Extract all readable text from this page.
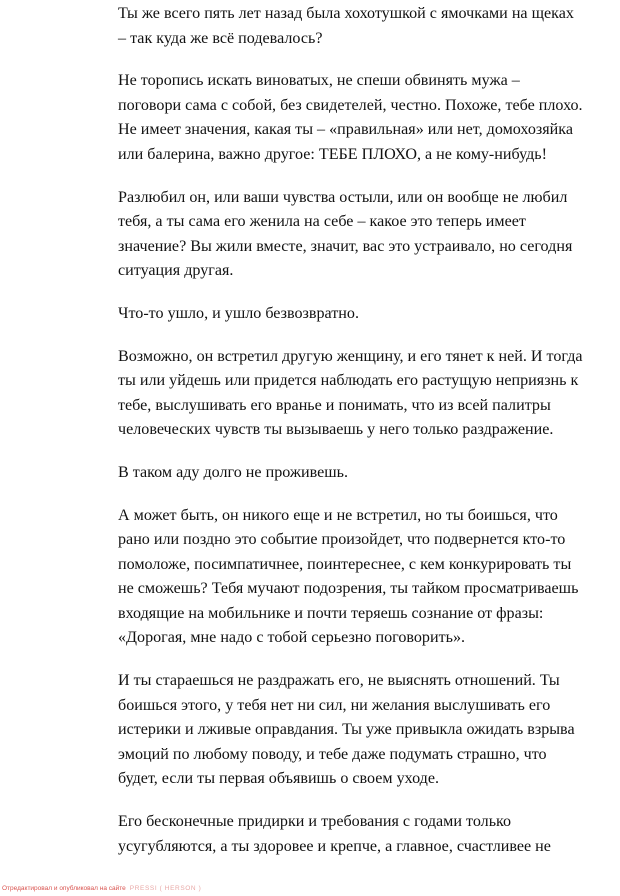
Ты же всего пять лет назад была хохотушкой с ямочками на щеках
– так куда же всё подевалось?

Не торопись искать виноватых, не спеши обвинять мужа –
поговори сама с собой, без свидетелей, честно. Похоже, тебе плохо.
Не имеет значения, какая ты – «правильная» или нет, домохозяйка
или балерина, важно другое: ТЕБЕ ПЛОХО, а не кому-нибудь!

Разлюбил он, или ваши чувства остыли, или он вообще не любил
тебя, а ты сама его женила на себе – какое это теперь имеет
значение? Вы жили вместе, значит, вас это устраивало, но сегодня
ситуация другая.

Что-то ушло, и ушло безвозвратно.

Возможно, он встретил другую женщину, и его тянет к ней. И тогда
ты или уйдешь или придется наблюдать его растущую неприязнь к
тебе, выслушивать его вранье и понимать, что из всей палитры
человеческих чувств ты вызываешь у него только раздражение.

В таком аду долго не проживешь.

А может быть, он никого еще и не встретил, но ты боишься, что
рано или поздно это событие произойдет, что подвернется кто-то
помоложе, посимпатичнее, поинтереснее, с кем конкурировать ты
не сможешь? Тебя мучают подозрения, ты тайком просматриваешь
входящие на мобильнике и почти теряешь сознание от фразы:
«Дорогая, мне надо с тобой серьезно поговорить».

И ты стараешься не раздражать его, не выяснять отношений. Ты
боишься этого, у тебя нет ни сил, ни желания выслушивать его
истерики и лживые оправдания. Ты уже привыкла ожидать взрыва
эмоций по любому поводу, и тебе даже подумать страшно, что
будет, если ты первая объявишь о своем уходе.

Его бесконечные придирки и требования с годами только
усугубляются, а ты здоровее и крепче, а главное, счастливее не

Отредактировал и опубликовал на сайте PRESSI ( HERSON )
